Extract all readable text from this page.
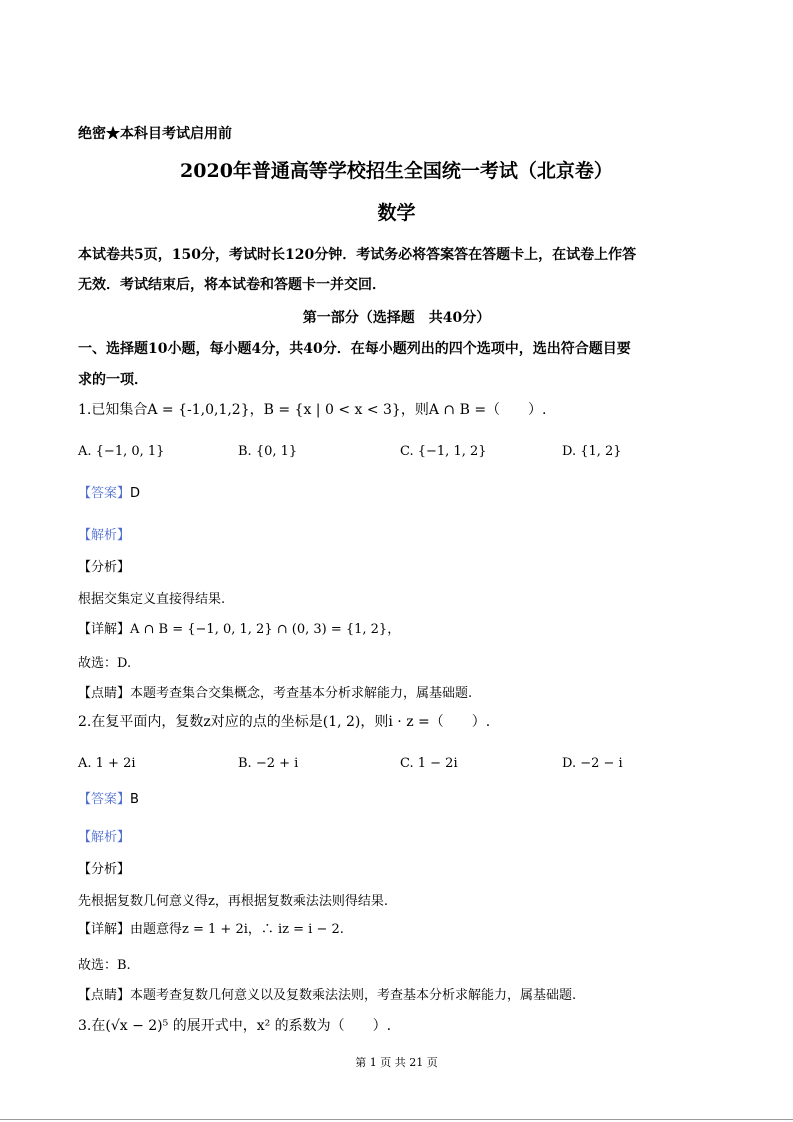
绝密★本科目考试启用前
2020年普通高等学校招生全国统一考试（北京卷）
数学
本试卷共5页，150分，考试时长120分钟．考试务必将答案答在答题卡上，在试卷上作答
无效．考试结束后，将本试卷和答题卡一并交回．
第一部分（选择题　共40分）
一、选择题10小题，每小题4分，共40分．在每小题列出的四个选项中，选出符合题目要
求的一项．
1.已知集合A = {-1,0,1,2}，B = {x | 0 < x < 3}，则A ∩ B =（　　）.
A. {−1, 0, 1}	B. {0, 1}	C. {−1, 1, 2}	D. {1, 2}
【答案】D
【解析】
【分析】
根据交集定义直接得结果.
【详解】A ∩ B = {−1, 0, 1, 2} ∩ (0, 3) = {1, 2}，
故选：D.
【点睛】本题考查集合交集概念，考查基本分析求解能力，属基础题.
2.在复平面内，复数z对应的点的坐标是(1, 2)，则i · z =（　　）.
A. 1 + 2i	B. −2 + i	C. 1 − 2i	D. −2 − i
【答案】B
【解析】
【分析】
先根据复数几何意义得z，再根据复数乘法法则得结果.
【详解】由题意得z = 1 + 2i，∴ iz = i − 2.
故选：B.
【点睛】本题考查复数几何意义以及复数乘法法则，考查基本分析求解能力，属基础题.
3.在(√x − 2)⁵ 的展开式中，x² 的系数为（　　）.
第 1 页 共 21 页
